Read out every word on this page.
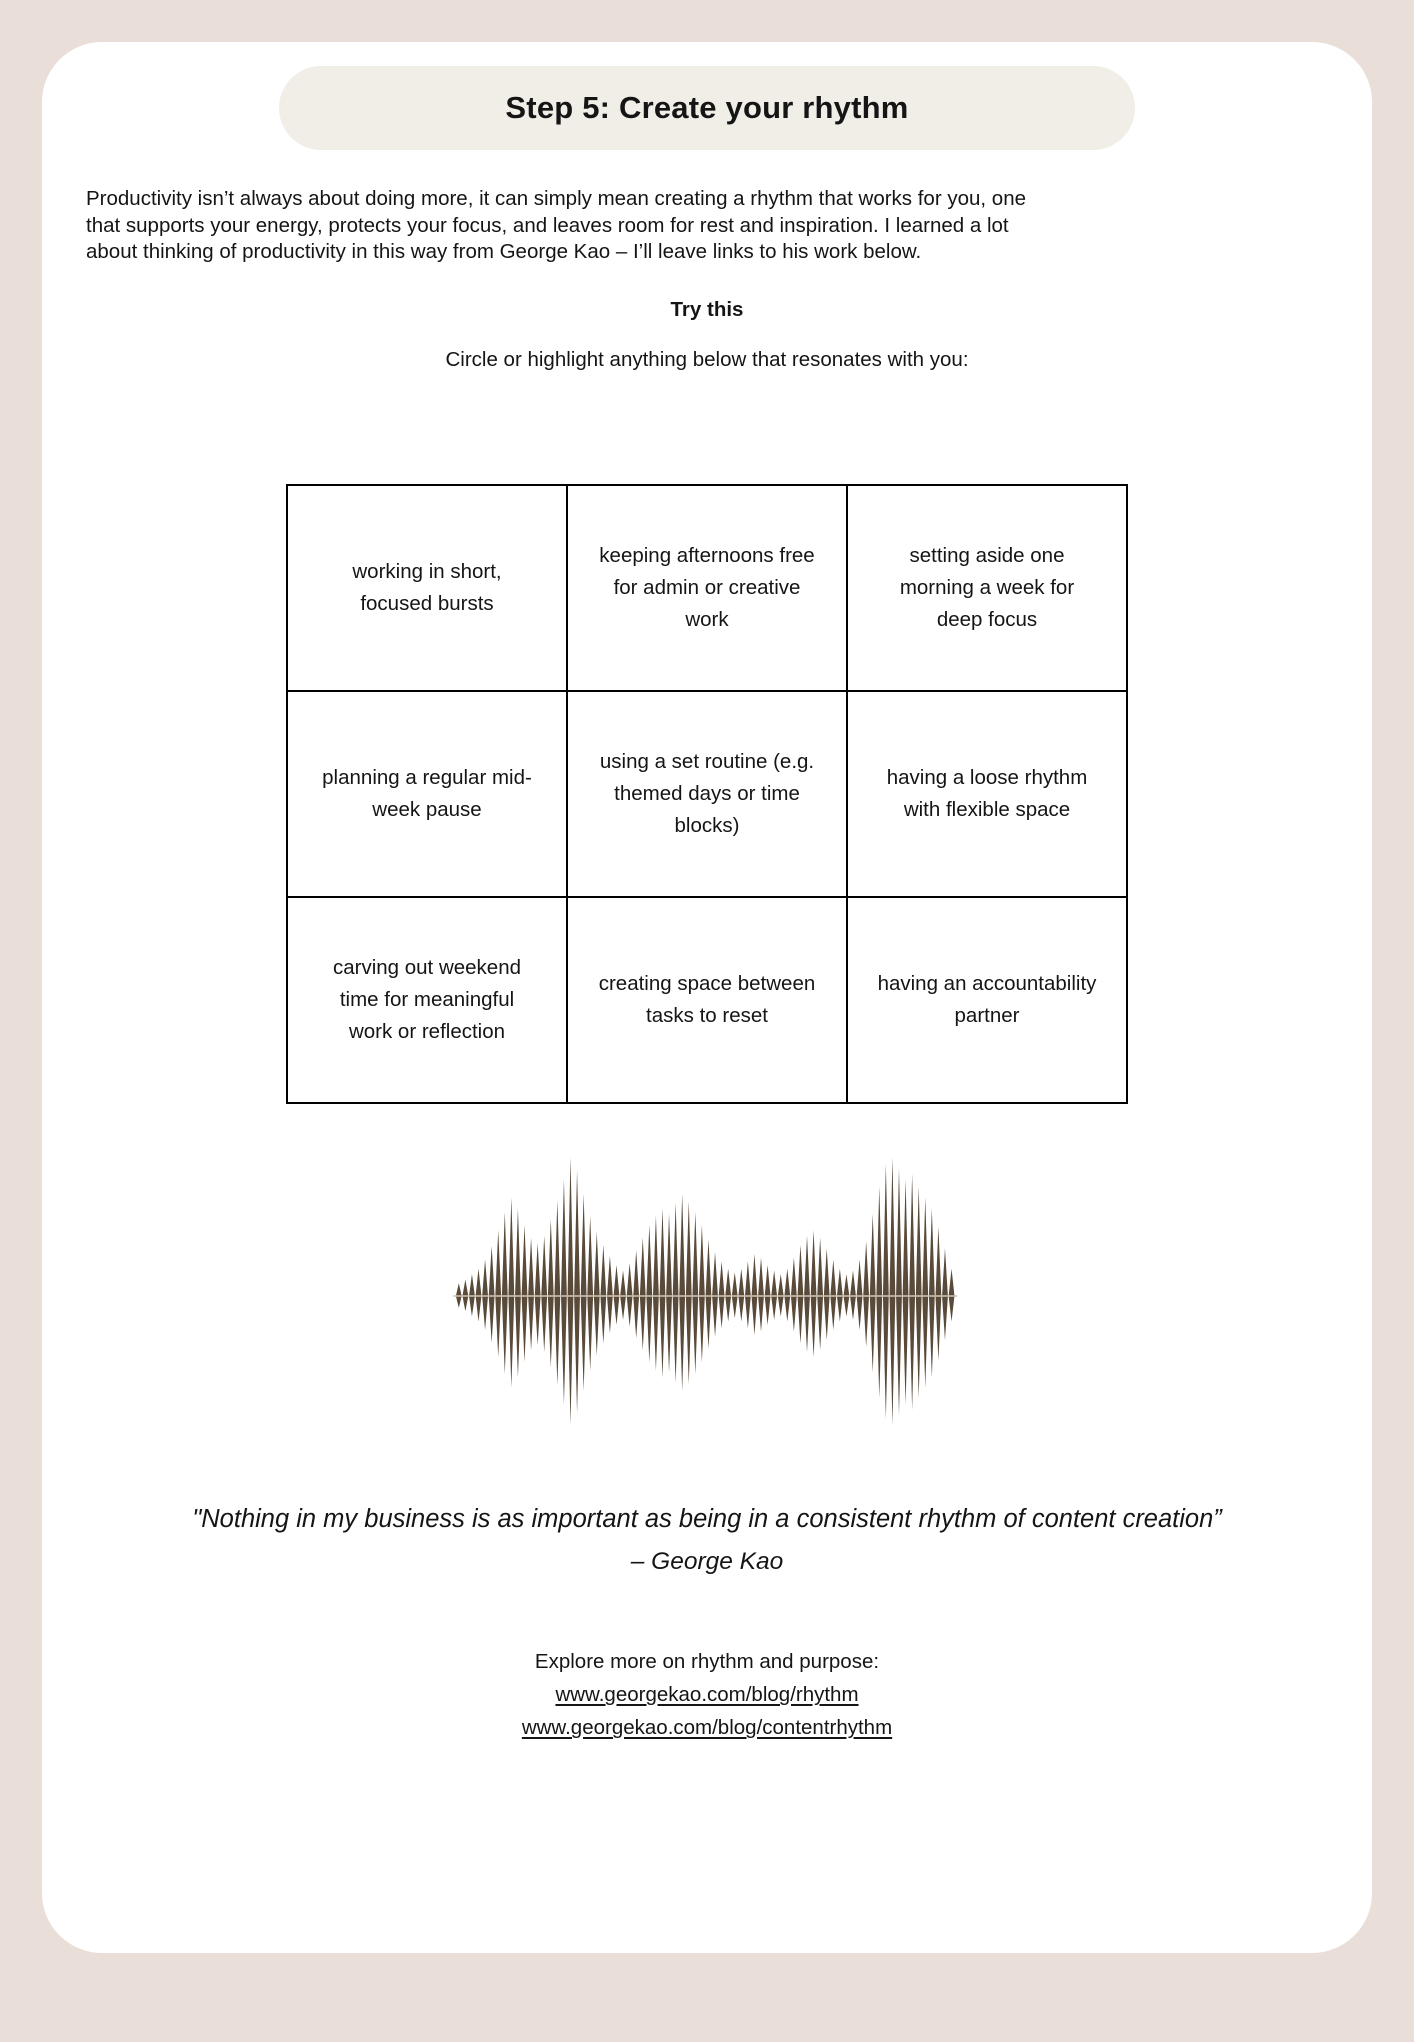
Step 5: Create your rhythm

Productivity isn’t always about doing more, it can simply mean creating a rhythm that works for you, one that supports your energy, protects your focus, and leaves room for rest and inspiration. I learned a lot about thinking of productivity in this way from George Kao – I’ll leave links to his work below.

Try this
Circle or highlight anything below that resonates with you:
working in short, focused bursts	keeping afternoons free for admin or creative work	setting aside one morning a week for deep focus
planning a regular mid-week pause	using a set routine (e.g. themed days or time blocks)	having a loose rhythm with flexible space
carving out weekend time for meaningful work or reflection	creating space between tasks to reset	having an accountability partner
"Nothing in my business is as important as being in a consistent rhythm of content creation”
– George Kao
Explore more on rhythm and purpose:
www.georgekao.com/blog/rhythm
www.georgekao.com/blog/contentrhythm
